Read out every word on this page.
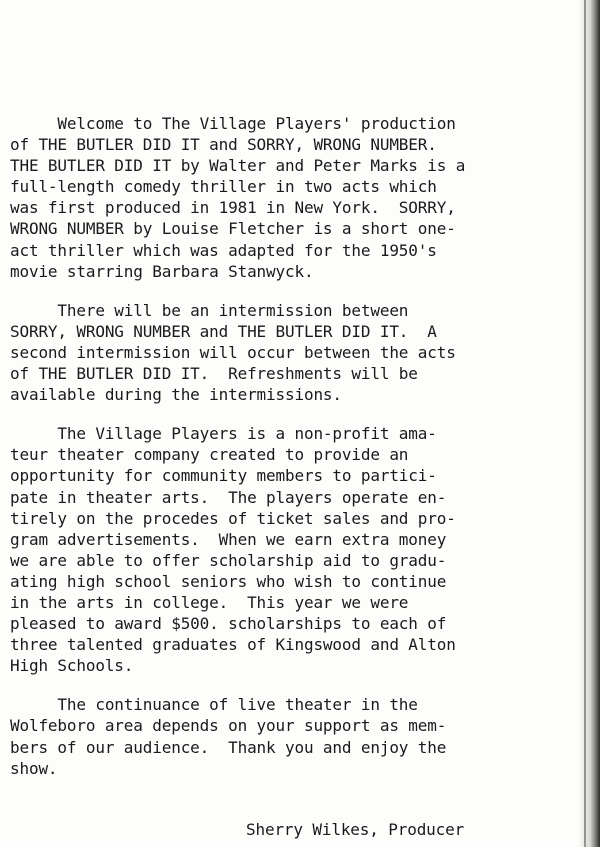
Welcome to The Village Players' production
of THE BUTLER DID IT and SORRY, WRONG NUMBER.
THE BUTLER DID IT by Walter and Peter Marks is a
full-length comedy thriller in two acts which
was first produced in 1981 in New York.  SORRY,
WRONG NUMBER by Louise Fletcher is a short one-
act thriller which was adapted for the 1950's
movie starring Barbara Stanwyck.
There will be an intermission between
SORRY, WRONG NUMBER and THE BUTLER DID IT.  A
second intermission will occur between the acts
of THE BUTLER DID IT.  Refreshments will be
available during the intermissions.
The Village Players is a non-profit ama-
teur theater company created to provide an
opportunity for community members to partici-
pate in theater arts.  The players operate en-
tirely on the procedes of ticket sales and pro-
gram advertisements.  When we earn extra money
we are able to offer scholarship aid to gradu-
ating high school seniors who wish to continue
in the arts in college.  This year we were
pleased to award $500. scholarships to each of
three talented graduates of Kingswood and Alton
High Schools.
The continuance of live theater in the
Wolfeboro area depends on your support as mem-
bers of our audience.  Thank you and enjoy the
show.
Sherry Wilkes, Producer
